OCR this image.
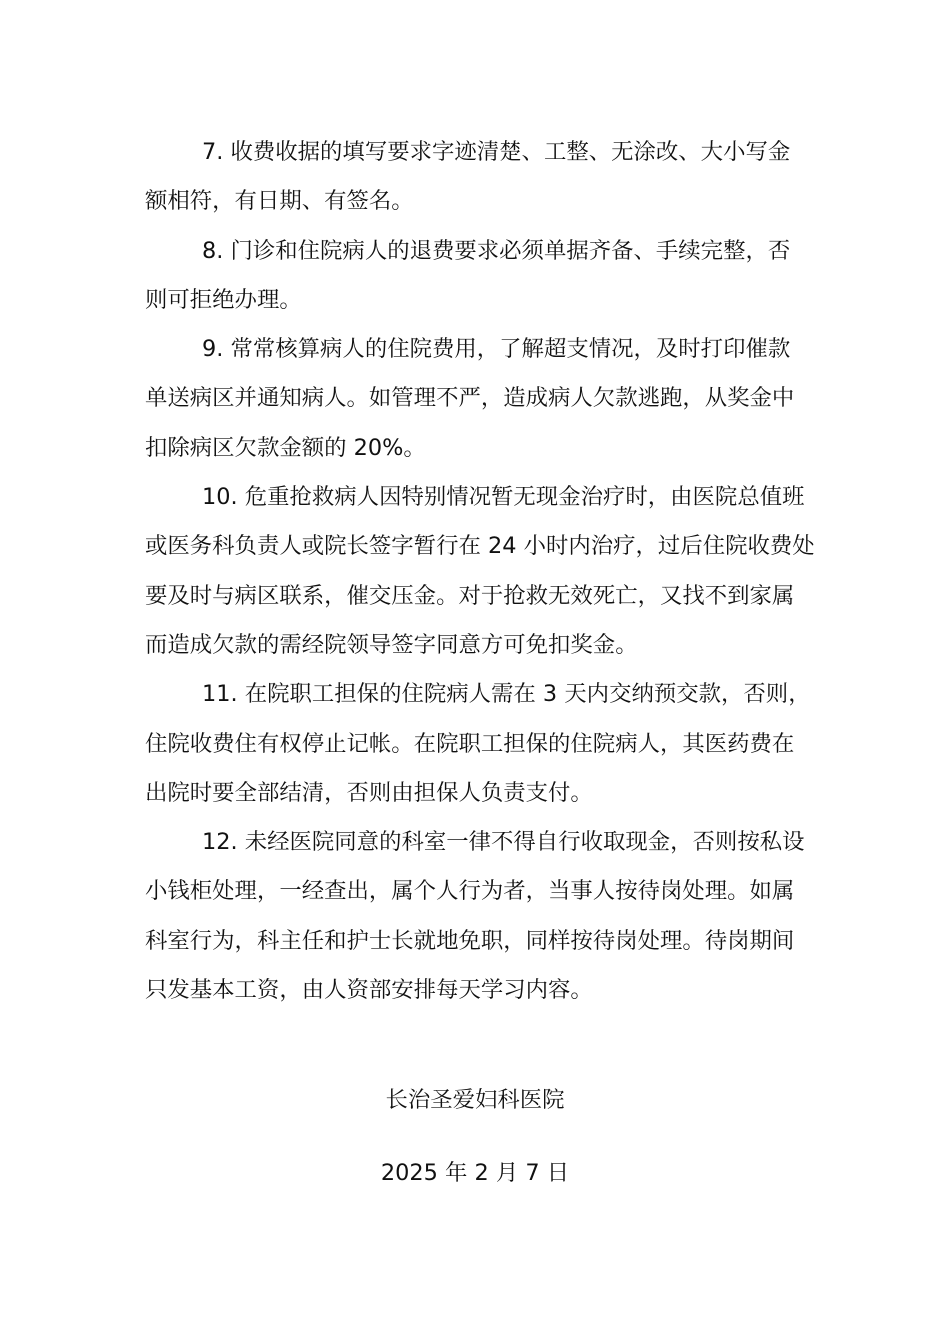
7. 收费收据的填写要求字迹清楚、工整、无涂改、大小写金
额相符，有日期、有签名。

8. 门诊和住院病人的退费要求必须单据齐备、手续完整，否
则可拒绝办理。

9. 常常核算病人的住院费用，了解超支情况，及时打印催款
单送病区并通知病人。如管理不严，造成病人欠款逃跑，从奖金中
扣除病区欠款金额的 20%。

10. 危重抢救病人因特别情况暂无现金治疗时，由医院总值班
或医务科负责人或院长签字暂行在 24 小时内治疗，过后住院收费处
要及时与病区联系，催交压金。对于抢救无效死亡，又找不到家属
而造成欠款的需经院领导签字同意方可免扣奖金。

11. 在院职工担保的住院病人需在 3 天内交纳预交款，否则，
住院收费住有权停止记帐。在院职工担保的住院病人，其医药费在
出院时要全部结清，否则由担保人负责支付。

12. 未经医院同意的科室一律不得自行收取现金，否则按私设
小钱柜处理，一经查出，属个人行为者，当事人按待岗处理。如属
科室行为，科主任和护士长就地免职，同样按待岗处理。待岗期间
只发基本工资，由人资部安排每天学习内容。

长治圣爱妇科医院
2025 年 2 月 7 日
